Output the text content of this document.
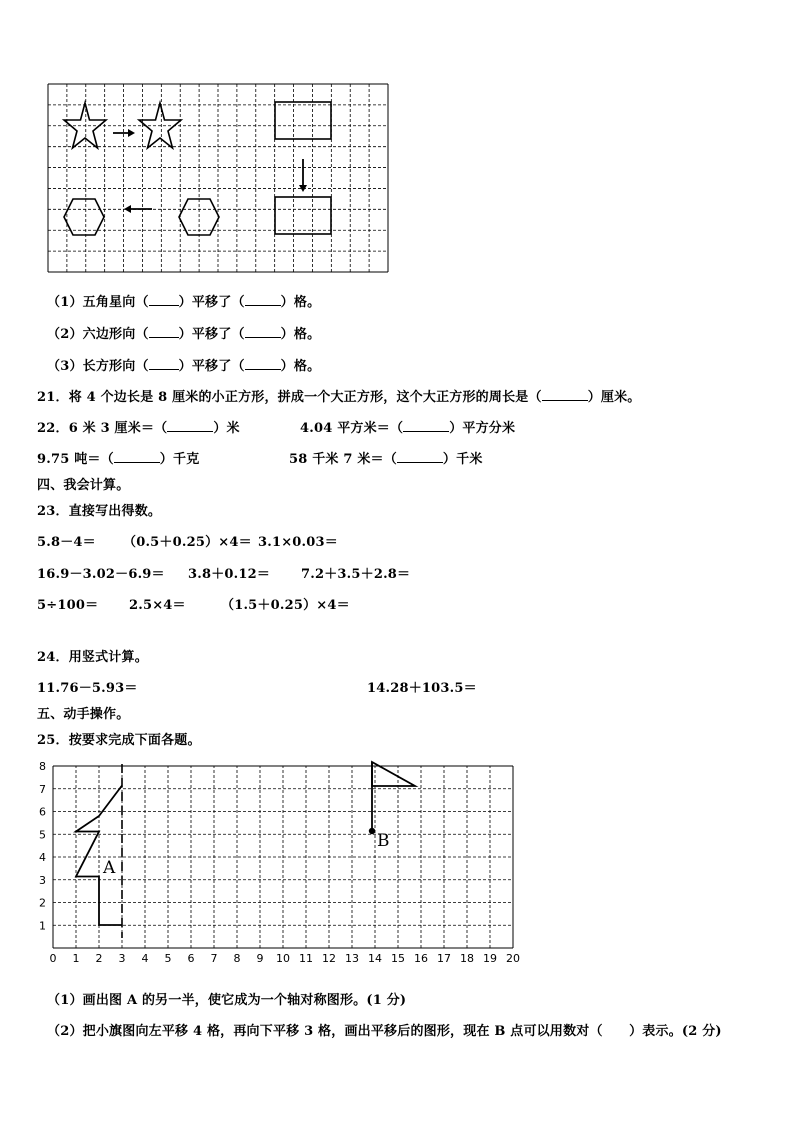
（1）五角星向（ ）平移了（	）格。
（2）六边形向（ ）平移了（	）格。
（3）长方形向（ ）平移了（	）格。
21．将 4 个边长是 8 厘米的小正方形，拼成一个大正方形，这个大正方形的周长是（	）厘米。
22．6 米 3 厘米＝（	）米	4.04 平方米＝（	）平方分米
9.75 吨＝（	）千克	58 千米 7 米＝（	）千米
四、我会计算。
23．直接写出得数。
5.8－4＝ （0.5＋0.25）×4＝ 3.1×0.03＝
16.9－3.02－6.9＝ 3.8＋0.12＝ 7.2＋3.5＋2.8＝
5÷100＝ 2.5×4＝	（1.5＋0.25）×4＝
24．用竖式计算。
11.76－5.93＝	14.28＋103.5＝
五、动手操作。
25．按要求完成下面各题。
0 1 2 3 4 5 6 7 8 9 10 11 12 13 14 15 16 17 18 19 20
1
2
3
4
5
6
7
8
A
B
（1）画出图 A 的另一半，使它成为一个轴对称图形。(1 分)
（2）把小旗图向左平移 4 格，再向下平移 3 格，画出平移后的图形，现在 B 点可以用数对（　　）表示。(2 分)
